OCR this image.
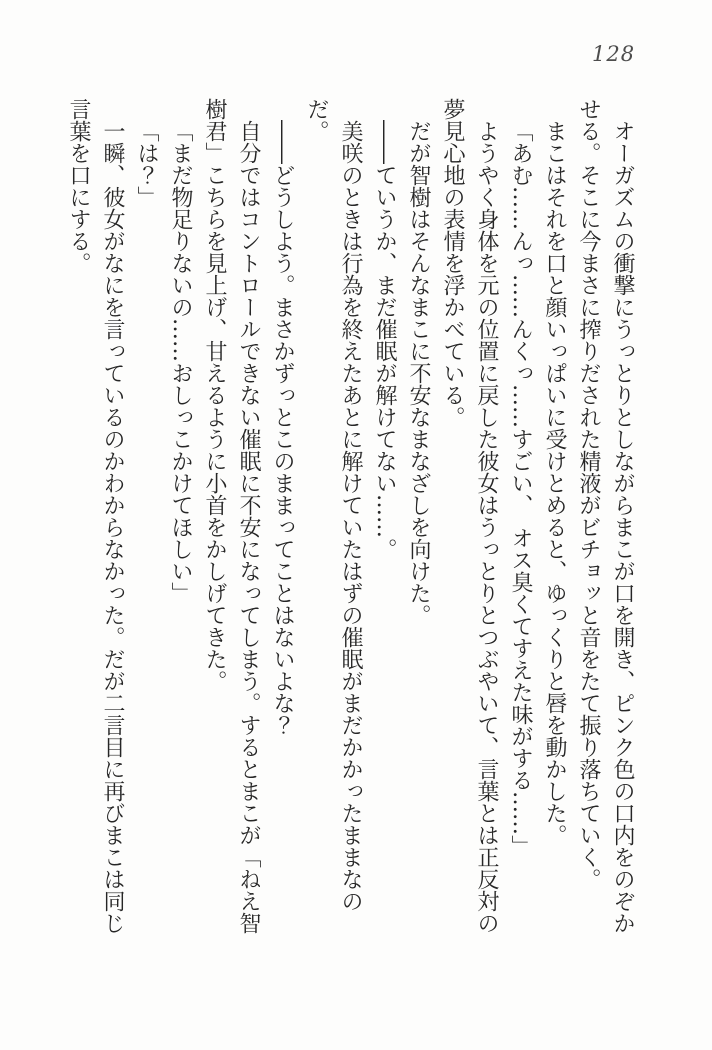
128

オーガズムの衝撃にうっとりとしながらまこが口を開き、ピンク色の口内をのぞかせる。そこに今まさに搾りだされた精液がビチョッと音をたて振り落ちていく。

まこはそれを口と顔いっぱいに受けとめると、ゆっくりと唇を動かした。

「あむ……んっ……んくっ……すごい、　オス臭くてすえた味がする……」

ようやく身体を元の位置に戻した彼女はうっとりとつぶやいて、言葉とは正反対の夢見心地の表情を浮かべている。

だが智樹はそんなまこに不安なまなざしを向けた。

――ていうか、まだ催眠が解けてない……。

美咲のときは行為を終えたあとに解けていたはずの催眠がまだかかったままなのだ。

――どうしよう。まさかずっとこのままってことはないよな？

自分ではコントロールできない催眠に不安になってしまう。するとまこが「ねえ智樹君」こちらを見上げ、甘えるように小首をかしげてきた。

「まだ物足りないの……おしっこかけてほしい」

「は？」

一瞬、彼女がなにを言っているのかわからなかった。だが二言目に再びまこは同じ言葉を口にする。
